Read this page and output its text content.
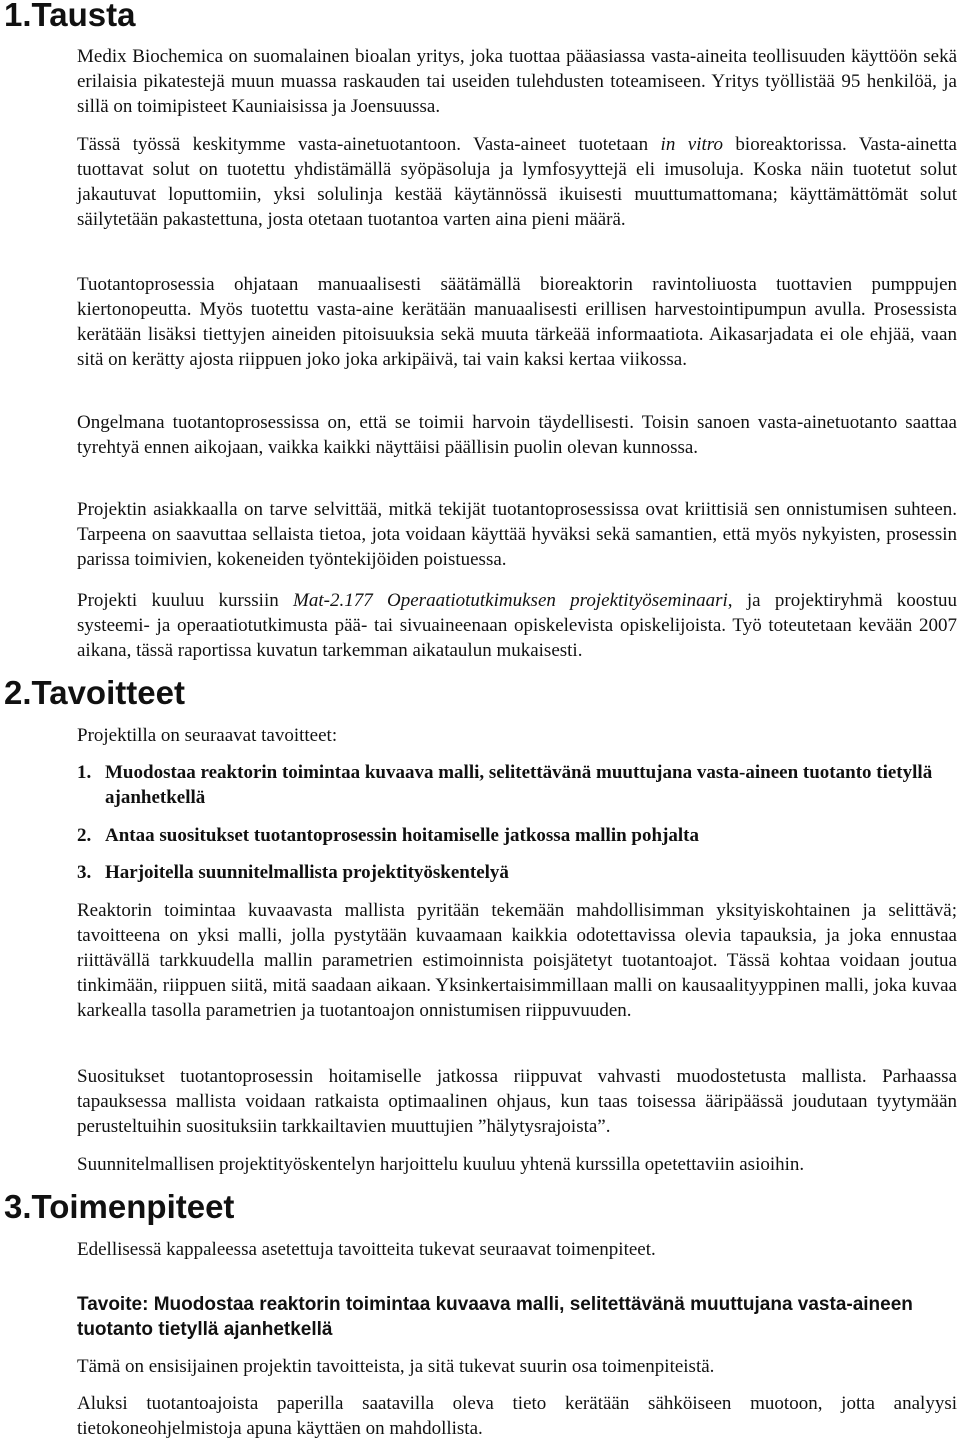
1.Tausta

Medix Biochemica on suomalainen bioalan yritys, joka tuottaa pääasiassa vasta-aineita teollisuuden käyttöön sekä erilaisia pikatestejä muun muassa raskauden tai useiden tulehdusten toteamiseen. Yritys työllistää 95 henkilöä, ja sillä on toimipisteet Kauniaisissa ja Joensuussa.

Tässä työssä keskitymme vasta-ainetuotantoon. Vasta-aineet tuotetaan in vitro bioreaktorissa. Vasta-ainetta tuottavat solut on tuotettu yhdistämällä syöpäsoluja ja lymfosyyttejä eli imusoluja. Koska näin tuotetut solut jakautuvat loputtomiin, yksi solulinja kestää käytännössä ikuisesti muuttumattomana; käyttämättömät solut säilytetään pakastettuna, josta otetaan tuotantoa varten aina pieni määrä.

Tuotantoprosessia ohjataan manuaalisesti säätämällä bioreaktorin ravintoliuosta tuottavien pumppujen kiertonopeutta. Myös tuotettu vasta-aine kerätään manuaalisesti erillisen harvestointipumpun avulla. Prosessista kerätään lisäksi tiettyjen aineiden pitoisuuksia sekä muuta tärkeää informaatiota. Aikasarjadata ei ole ehjää, vaan sitä on kerätty ajosta riippuen joko joka arkipäivä, tai vain kaksi kertaa viikossa.

Ongelmana tuotantoprosessissa on, että se toimii harvoin täydellisesti. Toisin sanoen vasta-ainetuotanto saattaa tyrehtyä ennen aikojaan, vaikka kaikki näyttäisi päällisin puolin olevan kunnossa.

Projektin asiakkaalla on tarve selvittää, mitkä tekijät tuotantoprosessissa ovat kriittisiä sen onnistumisen suhteen. Tarpeena on saavuttaa sellaista tietoa, jota voidaan käyttää hyväksi sekä samantien, että myös nykyisten, prosessin parissa toimivien, kokeneiden työntekijöiden poistuessa.

Projekti kuuluu kurssiin Mat-2.177 Operaatiotutkimuksen projektityöseminaari, ja projektiryhmä koostuu systeemi- ja operaatiotutkimusta pää- tai sivuaineenaan opiskelevista opiskelijoista. Työ toteutetaan kevään 2007 aikana, tässä raportissa kuvatun tarkemman aikataulun mukaisesti.

2.Tavoitteet

Projektilla on seuraavat tavoitteet:

1. Muodostaa reaktorin toimintaa kuvaava malli, selitettävänä muuttujana vasta-aineen tuotanto tietyllä ajanhetkellä
2. Antaa suositukset tuotantoprosessin hoitamiselle jatkossa mallin pohjalta
3. Harjoitella suunnitelmallista projektityöskentelyä

Reaktorin toimintaa kuvaavasta mallista pyritään tekemään mahdollisimman yksityiskohtainen ja selittävä; tavoitteena on yksi malli, jolla pystytään kuvaamaan kaikkia odotettavissa olevia tapauksia, ja joka ennustaa riittävällä tarkkuudella mallin parametrien estimoinnista poisjätetyt tuotantoajot. Tässä kohtaa voidaan joutua tinkimään, riippuen siitä, mitä saadaan aikaan. Yksinkertaisimmillaan malli on kausaalityyppinen malli, joka kuvaa karkealla tasolla parametrien ja tuotantoajon onnistumisen riippuvuuden.

Suositukset tuotantoprosessin hoitamiselle jatkossa riippuvat vahvasti muodostetusta mallista. Parhaassa tapauksessa mallista voidaan ratkaista optimaalinen ohjaus, kun taas toisessa ääripäässä joudutaan tyytymään perusteltuihin suosituksiin tarkkailtavien muuttujien ”hälytysrajoista”.

Suunnitelmallisen projektityöskentelyn harjoittelu kuuluu yhtenä kurssilla opetettaviin asioihin.

3.Toimenpiteet

Edellisessä kappaleessa asetettuja tavoitteita tukevat seuraavat toimenpiteet.

Tavoite: Muodostaa reaktorin toimintaa kuvaava malli, selitettävänä muuttujana vasta-aineen tuotanto tietyllä ajanhetkellä

Tämä on ensisijainen projektin tavoitteista, ja sitä tukevat suurin osa toimenpiteistä.

Aluksi tuotantoajoista paperilla saatavilla oleva tieto kerätään sähköiseen muotoon, jotta analyysi tietokoneohjelmistoja apuna käyttäen on mahdollista.
